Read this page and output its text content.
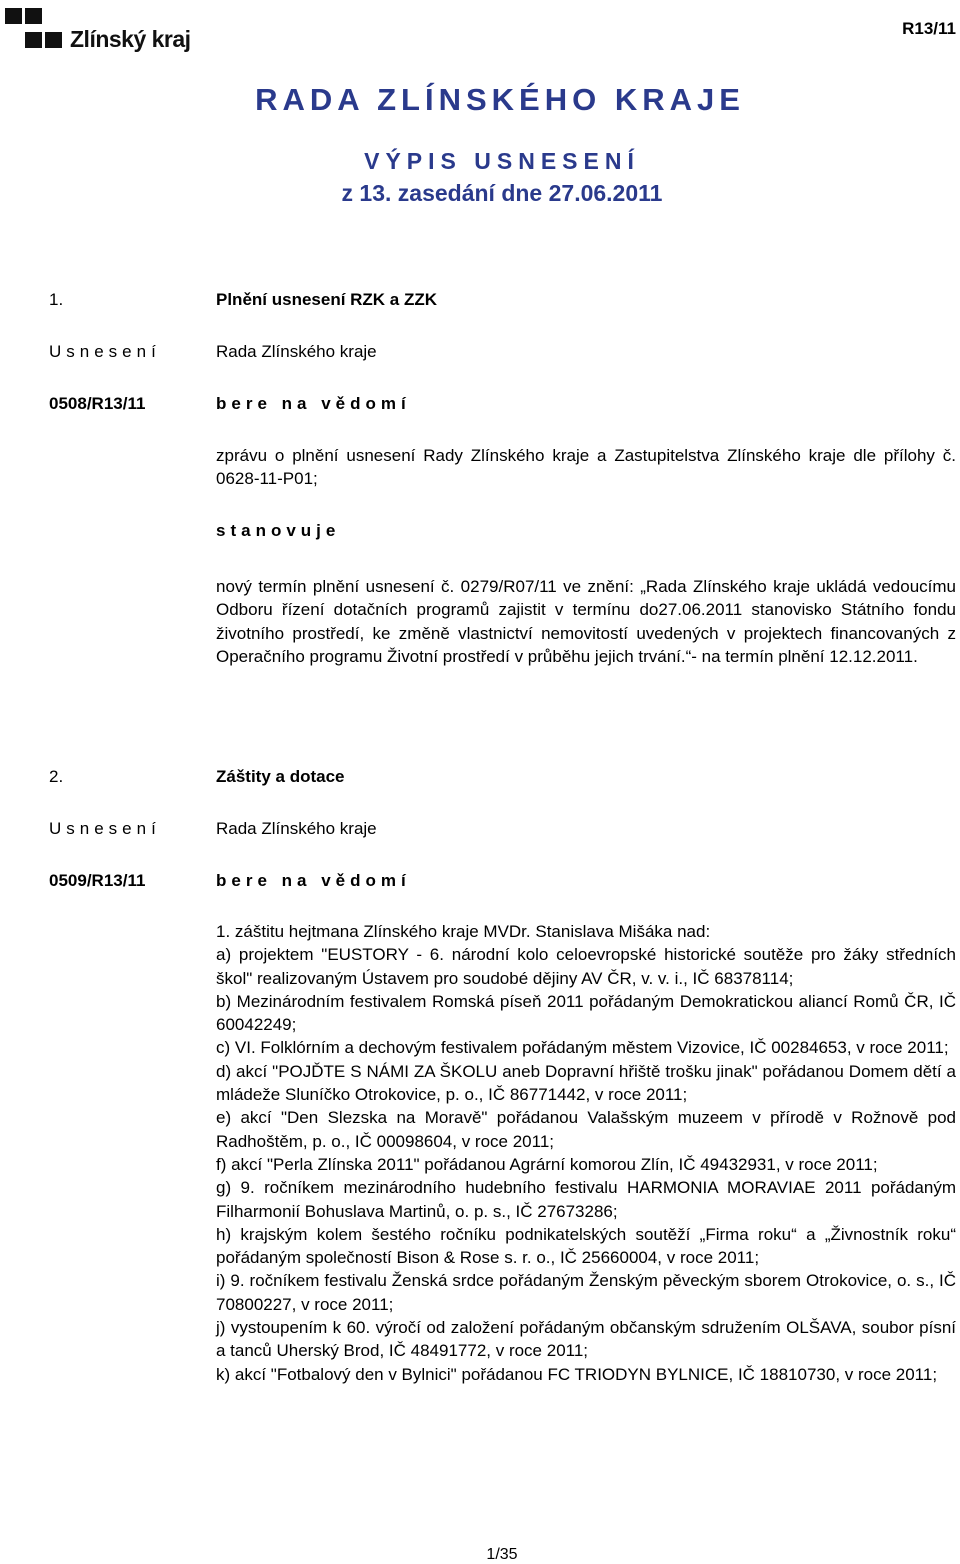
Zlínský kraj	R13/11
RADA ZLÍNSKÉHO KRAJE
VÝPIS USNESENÍ
z 13. zasedání dne 27.06.2011
1.	Plnění usnesení RZK a ZZK
Usnesení	Rada Zlínského kraje
0508/R13/11	bere na vědomí

zprávu o plnění usnesení Rady Zlínského kraje a Zastupitelstva Zlínského kraje dle přílohy č. 0628-11-P01;

stanovuje

nový termín plnění usnesení č. 0279/R07/11 ve znění: „Rada Zlínského kraje ukládá vedoucímu Odboru řízení dotačních programů zajistit v termínu do27.06.2011 stanovisko Státního fondu životního prostředí, ke změně vlastnictví nemovitostí uvedených v projektech financovaných z Operačního programu Životní prostředí v průběhu jejich trvání.“- na termín plnění 12.12.2011.

2.	Záštity a dotace
Usnesení	Rada Zlínského kraje
0509/R13/11	bere na vědomí

1. záštitu hejtmana Zlínského kraje MVDr. Stanislava Mišáka nad:

a) projektem "EUSTORY - 6. národní kolo celoevropské historické soutěže pro žáky středních škol" realizovaným Ústavem pro soudobé dějiny AV ČR, v. v. i., IČ 68378114;

b) Mezinárodním festivalem Romská píseň 2011 pořádaným Demokratickou aliancí Romů ČR, IČ 60042249;

c) VI. Folklórním a dechovým festivalem pořádaným městem Vizovice, IČ 00284653, v roce 2011;

d) akcí "POJĎTE S NÁMI ZA ŠKOLU aneb Dopravní hřiště trošku jinak" pořádanou Domem dětí a mládeže Sluníčko Otrokovice, p. o., IČ 86771442, v roce 2011;

e) akcí "Den Slezska na Moravě" pořádanou Valašským muzeem v přírodě v Rožnově pod Radhoštěm, p. o., IČ 00098604, v roce 2011;

f) akcí "Perla Zlínska 2011" pořádanou Agrární komorou Zlín, IČ 49432931, v roce 2011;

g) 9. ročníkem mezinárodního hudebního festivalu HARMONIA MORAVIAE 2011 pořádaným Filharmonií Bohuslava Martinů, o. p. s., IČ 27673286;

h) krajským kolem šestého ročníku podnikatelských soutěží „Firma roku“ a „Živnostník roku“ pořádaným společností Bison & Rose s. r. o., IČ 25660004, v roce 2011;

i) 9. ročníkem festivalu Ženská srdce pořádaným Ženským pěveckým sborem Otrokovice, o. s., IČ 70800227, v roce 2011;

j) vystoupením k 60. výročí od založení pořádaným občanským sdružením OLŠAVA, soubor písní a tanců Uherský Brod, IČ 48491772, v roce 2011;

k) akcí "Fotbalový den v Bylnici" pořádanou FC TRIODYN BYLNICE, IČ 18810730, v roce 2011;

1/35
